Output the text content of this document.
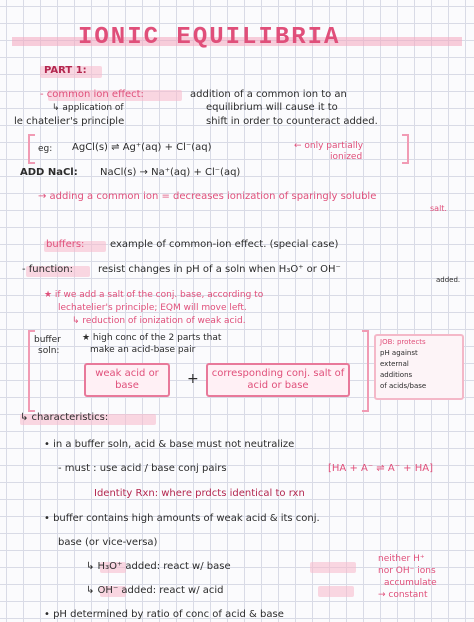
IONIC EQUILIBRIA
PART 1:
- common ion effect:	addition of a common ion to an
↳ application of	equilibrium will cause it to
le chatelier's principle	shift in order to counteract added.
eg: AgCl(s) ⇌ Ag⁺(aq) + Cl⁻(aq)	← only partially
ionized
ADD NaCl: NaCl(s) → Na⁺(aq) + Cl⁻(aq)
→ adding a common ion = decreases ionization of sparingly soluble
salt.
buffers:	example of common-ion effect. (special case)
- function: resist changes in pH of a soln when H₃O⁺ or OH⁻
added.
★ if we add a salt of the conj. base, according to
lechatelier's principle; EQM will move left.
↳ reduction of ionization of weak acid.
buffer
soln:
★ high conc of the 2 parts that
make an acid-base pair
weak acid or base	+	corresponding conj. salt of acid or base
JOB: protects
pH against
external
additions
of acids/base
↳ characteristics:
• in a buffer soln, acid & base must not neutralize
- must : use acid / base conj pairs	[HA + A⁻ ⇌ A⁻ + HA]
Identity Rxn: where prdcts identical to rxn
• buffer contains high amounts of weak acid & its conj.
base (or vice-versa)
↳ H₃O⁺ added: react w/ base
↳ OH⁻ added: react w/ acid
neither H⁺
nor OH⁻ ions
accumulate
→ constant
• pH determined by ratio of conc of acid & base
